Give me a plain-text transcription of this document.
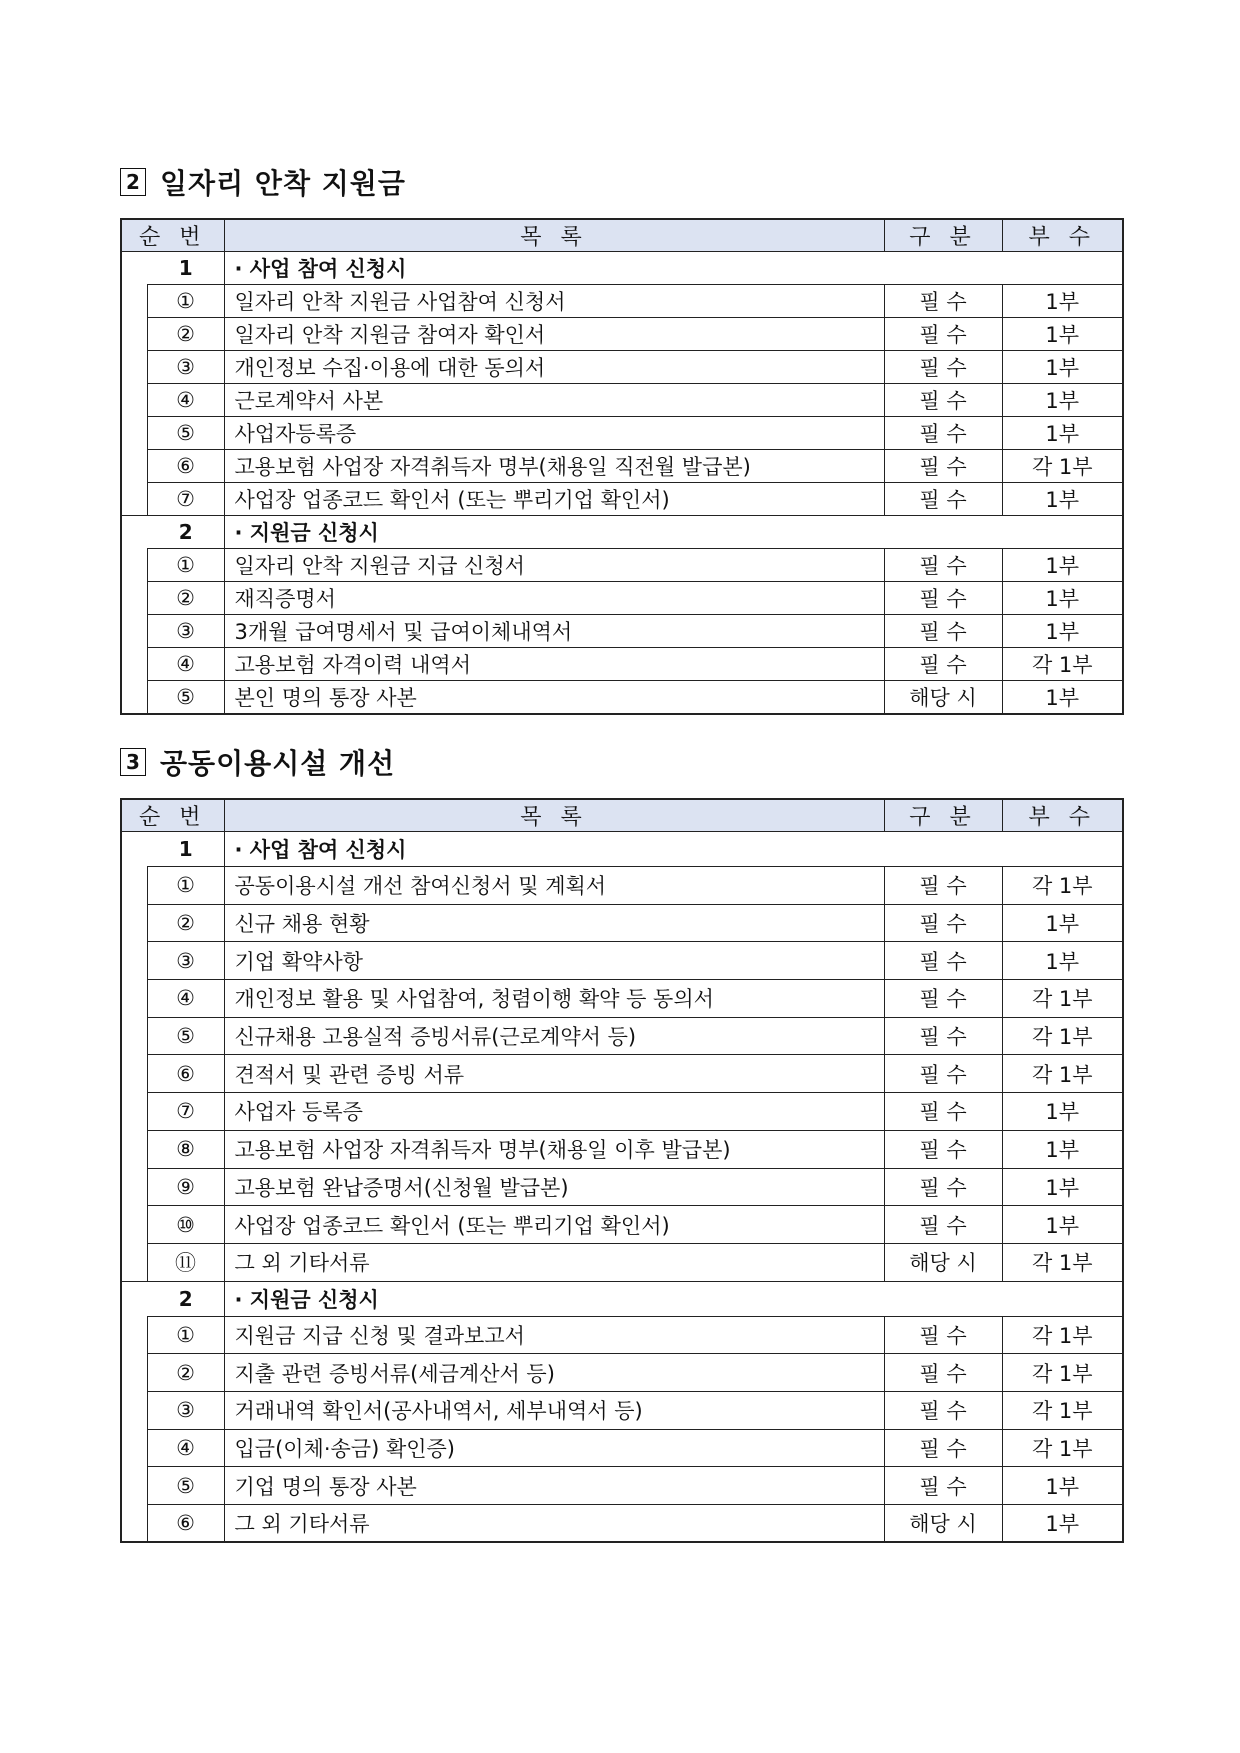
2 일자리 안착 지원금
순 번		목 록	구 분	부 수
1		· 사업 참여 신청시		
	①	일자리 안착 지원금 사업참여 신청서	필 수	1부
	②	일자리 안착 지원금 참여자 확인서	필 수	1부
	③	개인정보 수집·이용에 대한 동의서	필 수	1부
	④	근로계약서 사본	필 수	1부
	⑤	사업자등록증	필 수	1부
	⑥	고용보험 사업장 자격취득자 명부(채용일 직전월 발급본)	필 수	각 1부
	⑦	사업장 업종코드 확인서 (또는 뿌리기업 확인서)	필 수	1부
2		· 지원금 신청시		
	①	일자리 안착 지원금 지급 신청서	필 수	1부
	②	재직증명서	필 수	1부
	③	3개월 급여명세서 및 급여이체내역서	필 수	1부
	④	고용보험 자격이력 내역서	필 수	각 1부
	⑤	본인 명의 통장 사본	해당 시	1부
3 공동이용시설 개선
순 번		목 록	구 분	부 수
1		· 사업 참여 신청시		
	①	공동이용시설 개선 참여신청서 및 계획서	필 수	각 1부
	②	신규 채용 현황	필 수	1부
	③	기업 확약사항	필 수	1부
	④	개인정보 활용 및 사업참여, 청렴이행 확약 등 동의서	필 수	각 1부
	⑤	신규채용 고용실적 증빙서류(근로계약서 등)	필 수	각 1부
	⑥	견적서 및 관련 증빙 서류	필 수	각 1부
	⑦	사업자 등록증	필 수	1부
	⑧	고용보험 사업장 자격취득자 명부(채용일 이후 발급본)	필 수	1부
	⑨	고용보험 완납증명서(신청월 발급본)	필 수	1부
	⑩	사업장 업종코드 확인서 (또는 뿌리기업 확인서)	필 수	1부
	⑪	그 외 기타서류	해당 시	각 1부
2		· 지원금 신청시		
	①	지원금 지급 신청 및 결과보고서	필 수	각 1부
	②	지출 관련 증빙서류(세금계산서 등)	필 수	각 1부
	③	거래내역 확인서(공사내역서, 세부내역서 등)	필 수	각 1부
	④	입금(이체·송금) 확인증)	필 수	각 1부
	⑤	기업 명의 통장 사본	필 수	1부
	⑥	그 외 기타서류	해당 시	1부
